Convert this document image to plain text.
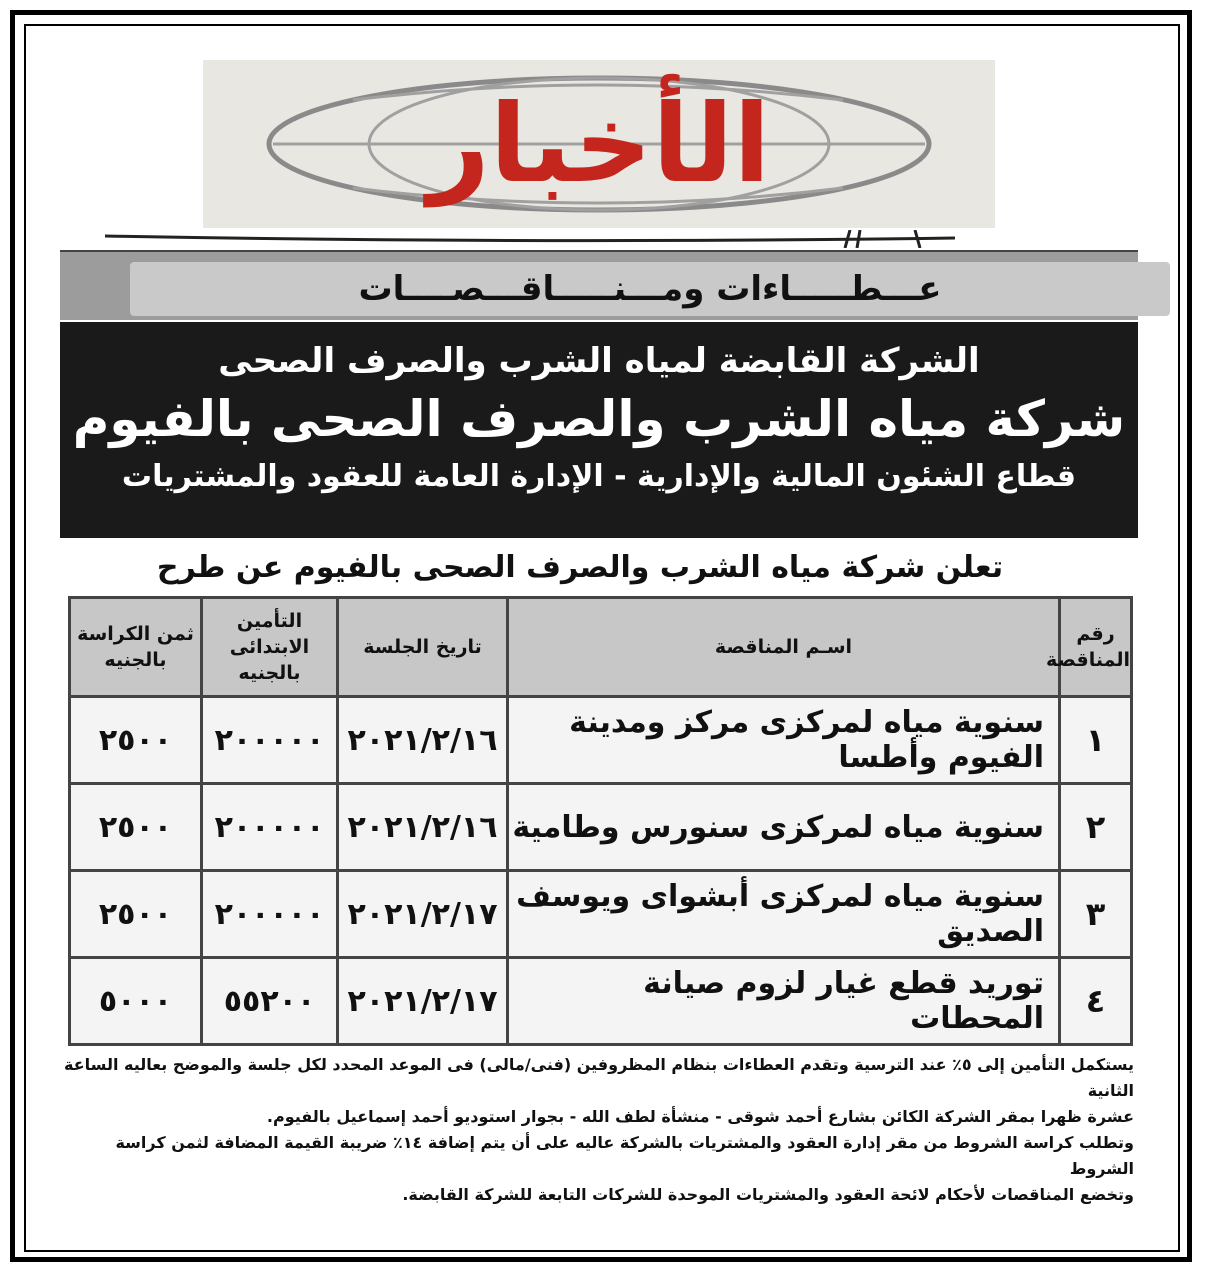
الأخبار
عـــطـــــاءات ومـــنـــــاقـــصــــات
الشركة القابضة لمياه الشرب والصرف الصحى
شركة مياه الشرب والصرف الصحى بالفيوم
قطاع الشئون المالية والإدارية - الإدارة العامة للعقود والمشتريات
تعلن شركة مياه الشرب والصرف الصحى بالفيوم عن طرح
رقم المناقصة	اسـم المناقصة	تاريخ الجلسة	التأمين الابتدائى بالجنيه	ثمن الكراسة بالجنيه
١	سنوية مياه لمركزى مركز ومدينة الفيوم وأطسا	٢٠٢١/٢/١٦	٢٠٠٠٠٠	٢٥٠٠
٢	سنوية مياه لمركزى سنورس وطامية	٢٠٢١/٢/١٦	٢٠٠٠٠٠	٢٥٠٠
٣	سنوية مياه لمركزى أبشواى ويوسف الصديق	٢٠٢١/٢/١٧	٢٠٠٠٠٠	٢٥٠٠
٤	توريد قطع غيار لزوم صيانة المحطات	٢٠٢١/٢/١٧	٥٥٢٠٠	٥٠٠٠

يستكمل التأمين إلى ٥٪ عند الترسية وتقدم العطاءات بنظام المظروفين (فنى/مالى) فى الموعد المحدد لكل جلسة والموضح بعاليه الساعة الثانية

عشرة ظهرا بمقر الشركة الكائن بشارع أحمد شوقى - منشأة لطف الله - بجوار استوديو أحمد إسماعيل بالفيوم.

وتطلب كراسة الشروط من مقر إدارة العقود والمشتريات بالشركة عاليه على أن يتم إضافة ١٤٪ ضريبة القيمة المضافة لثمن كراسة الشروط

وتخضع المناقصات لأحكام لائحة العقود والمشتريات الموحدة للشركات التابعة للشركة القابضة.
